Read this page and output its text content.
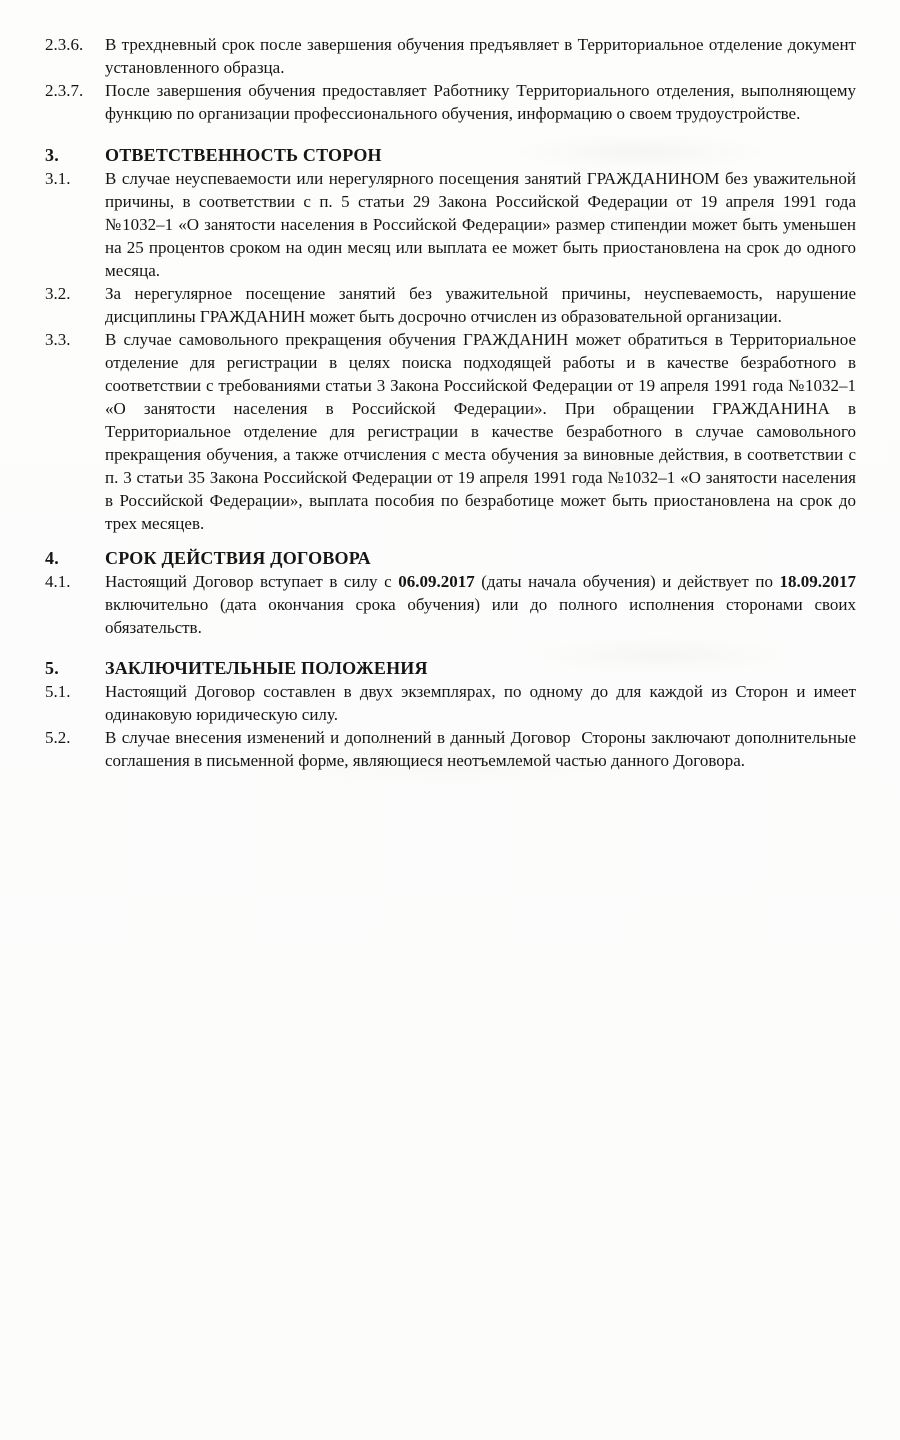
2.3.6.	В трехдневный срок после завершения обучения предъявляет в Территориальное отделение документ установленного образца.
2.3.7.	После завершения обучения предоставляет Работнику Территориального отделения, выполняющему функцию по организации профессионального обучения, информацию о своем трудоустройстве.
3.	ОТВЕТСТВЕННОСТЬ СТОРОН
3.1.	В случае неуспеваемости или нерегулярного посещения занятий ГРАЖДАНИНОМ без уважительной причины, в соответствии с п. 5 статьи 29 Закона Российской Федерации от 19 апреля 1991 года №1032–1 «О занятости населения в Российской Федерации» размер стипендии может быть уменьшен на 25 процентов сроком на один месяц или выплата ее может быть приостановлена на срок до одного месяца.
3.2.	За нерегулярное посещение занятий без уважительной причины, неуспеваемость, нарушение дисциплины ГРАЖДАНИН может быть досрочно отчислен из образовательной организации.
3.3.	В случае самовольного прекращения обучения ГРАЖДАНИН может обратиться в Территориальное отделение для регистрации в целях поиска подходящей работы и в качестве безработного в соответствии с требованиями статьи 3 Закона Российской Федерации от 19 апреля 1991 года №1032–1 «О занятости населения в Российской Федерации». При обращении ГРАЖДАНИНА в Территориальное отделение для регистрации в качестве безработного в случае самовольного прекращения обучения, а также отчисления с места обучения за виновные действия, в соответствии с п. 3 статьи 35 Закона Российской Федерации от 19 апреля 1991 года №1032–1 «О занятости населения в Российской Федерации», выплата пособия по безработице может быть приостановлена на срок до трех месяцев.
4.	СРОК ДЕЙСТВИЯ ДОГОВОРА
4.1.	Настоящий Договор вступает в силу с 06.09.2017 (даты начала обучения) и действует по 18.09.2017 включительно (дата окончания срока обучения) или до полного исполнения сторонами своих обязательств.
5.	ЗАКЛЮЧИТЕЛЬНЫЕ ПОЛОЖЕНИЯ
5.1.	Настоящий Договор составлен в двух экземплярах, по одному до для каждой из Сторон и имеет одинаковую юридическую силу.
5.2.	В случае внесения изменений и дополнений в данный Договор  Стороны заключают дополнительные соглашения в письменной форме, являющиеся неотъемлемой частью данного Договора.
